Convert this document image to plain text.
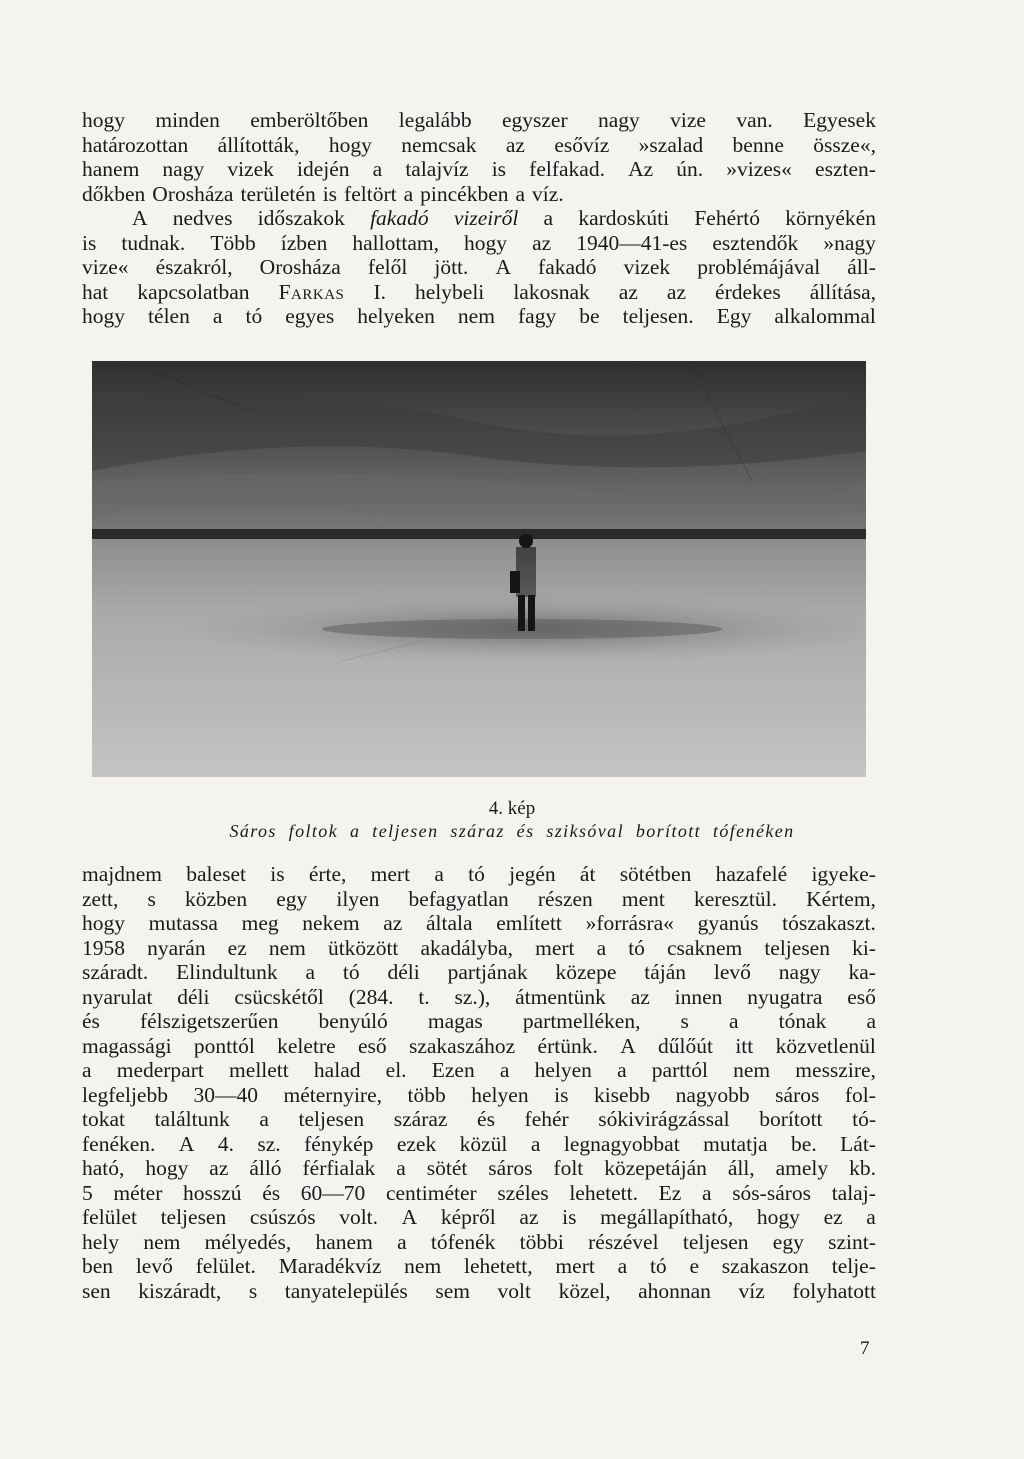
hogy minden emberöltőben legalább egyszer nagy vize van. Egyesek
határozottan állították, hogy nemcsak az esővíz »szalad benne össze«,
hanem nagy vizek idején a talajvíz is felfakad. Az ún. »vizes« eszten-
dőkben Orosháza területén is feltört a pincékben a víz.
A nedves időszakok fakadó vizeiről a kardoskúti Fehértó környékén
is tudnak. Több ízben hallottam, hogy az 1940—41-es esztendők »nagy
vize« északról, Orosháza felől jött. A fakadó vizek problémájával áll-
hat kapcsolatban Farkas I. helybeli lakosnak az az érdekes állítása,
hogy télen a tó egyes helyeken nem fagy be teljesen. Egy alkalommal
4. kép
Sáros foltok a teljesen száraz és sziksóval borított tófenéken
majdnem baleset is érte, mert a tó jegén át sötétben hazafelé igyeke-
zett, s közben egy ilyen befagyatlan részen ment keresztül. Kértem,
hogy mutassa meg nekem az általa említett »forrásra« gyanús tószakaszt.
1958 nyarán ez nem ütközött akadályba, mert a tó csaknem teljesen ki-
száradt. Elindultunk a tó déli partjának közepe táján levő nagy ka-
nyarulat déli csücskétől (284. t. sz.), átmentünk az innen nyugatra eső
és félszigetszerűen benyúló magas partmelléken, s a tónak a
magassági ponttól keletre eső szakaszához értünk. A dűlőút itt közvetlenül
a mederpart mellett halad el. Ezen a helyen a parttól nem messzire,
legfeljebb 30—40 méternyire, több helyen is kisebb nagyobb sáros fol-
tokat találtunk a teljesen száraz és fehér sókivirágzással borított tó-
fenéken. A 4. sz. fénykép ezek közül a legnagyobbat mutatja be. Lát-
ható, hogy az álló férfialak a sötét sáros folt közepetáján áll, amely kb.
5 méter hosszú és 60—70 centiméter széles lehetett. Ez a sós-sáros talaj-
felület teljesen csúszós volt. A képről az is megállapítható, hogy ez a
hely nem mélyedés, hanem a tófenék többi részével teljesen egy szint-
ben levő felület. Maradékvíz nem lehetett, mert a tó e szakaszon telje-
sen kiszáradt, s tanyatelepülés sem volt közel, ahonnan víz folyhatott
7
